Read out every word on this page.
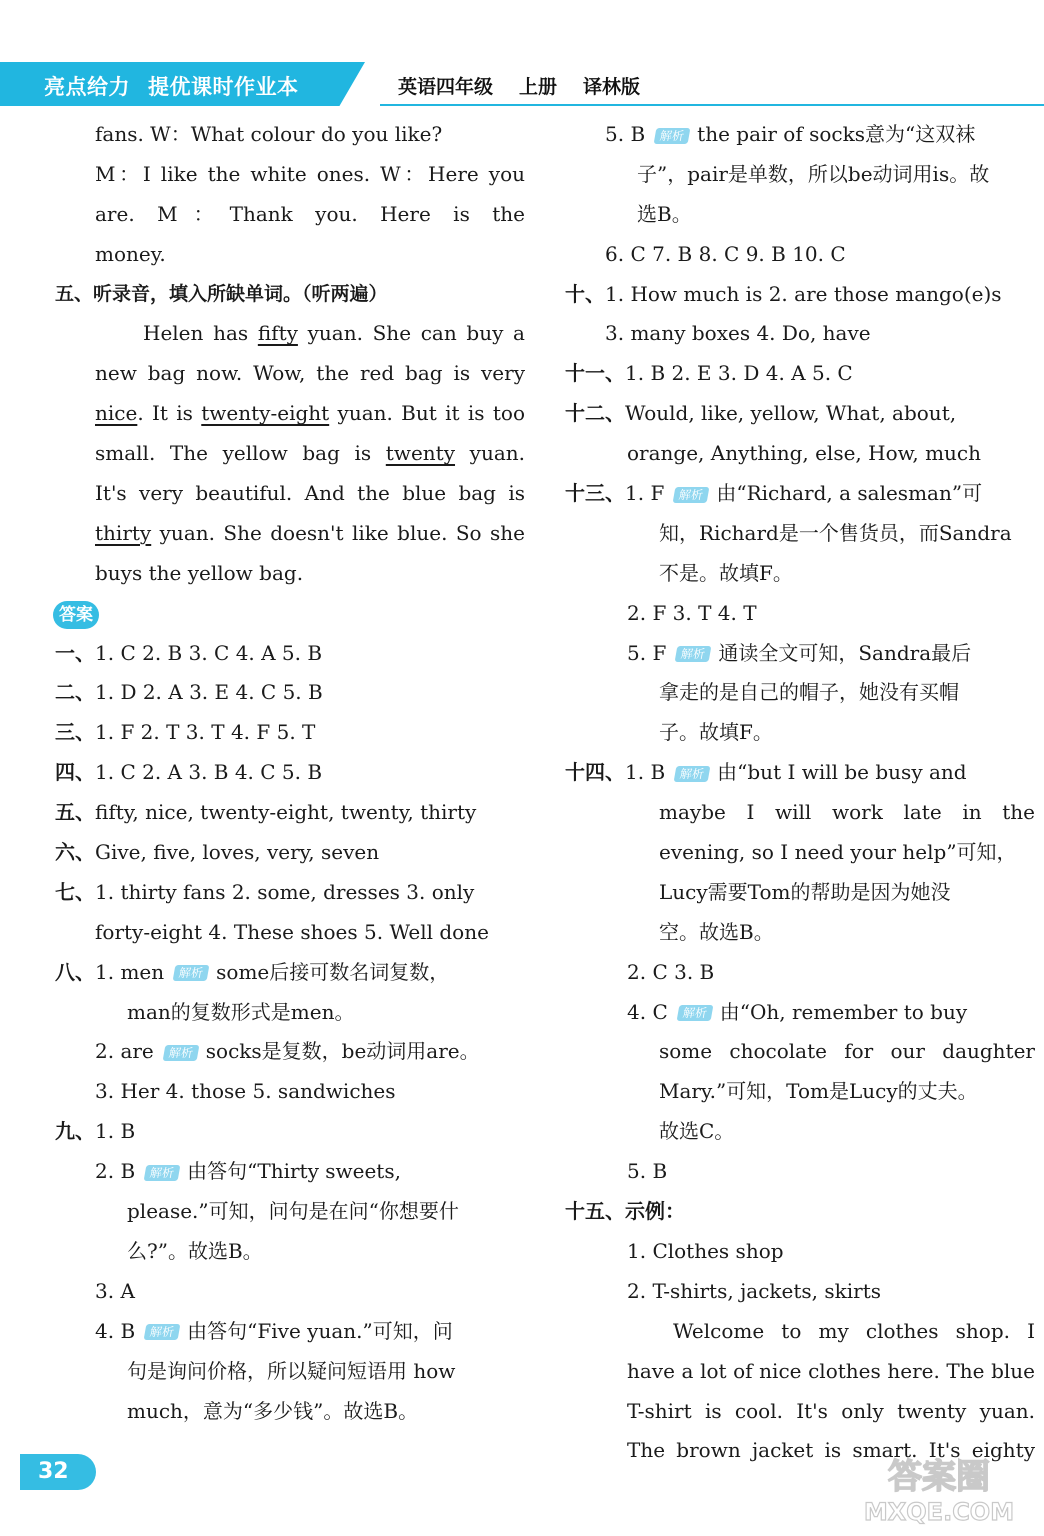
亮点给力 提优课时作业本	英语四年级 上册 译林版
fans. W：What colour do you like?
M：I like the white ones. W：Here you
are. M：Thank you. Here is the
money.
五、听录音，填入所缺单词。（听两遍）
Helen has fifty yuan. She can buy a
new bag now. Wow, the red bag is very
nice. It is twenty-eight yuan. But it is too
small. The yellow bag is twenty yuan.
It's very beautiful. And the blue bag is
thirty yuan. She doesn't like blue. So she
buys the yellow bag.
答案
一、1. C 2. B 3. C 4. A 5. B
二、1. D 2. A 3. E 4. C 5. B
三、1. F 2. T 3. T 4. F 5. T
四、1. C 2. A 3. B 4. C 5. B
五、fifty, nice, twenty-eight, twenty, thirty
六、Give, five, loves, very, seven
七、1. thirty fans 2. some, dresses 3. only
forty-eight 4. These shoes 5. Well done
八、1. men 解析 some后接可数名词复数，
man的复数形式是men。
2. are 解析 socks是复数，be动词用are。
3. Her 4. those 5. sandwiches
九、1. B
2. B 解析 由答句“Thirty sweets,
please.”可知，问句是在问“你想要什
么?”。故选B。
3. A
4. B 解析 由答句“Five yuan.”可知，问
句是询问价格，所以疑问短语用 how
much，意为“多少钱”。故选B。
5. B 解析 the pair of socks意为“这双袜
子”，pair是单数，所以be动词用is。故
选B。
6. C 7. B 8. C 9. B 10. C
十、1. How much is 2. are those mango(e)s
3. many boxes 4. Do, have
十一、1. B 2. E 3. D 4. A 5. C
十二、Would, like, yellow, What, about,
orange, Anything, else, How, much
十三、1. F 解析 由“Richard, a salesman”可
知，Richard是一个售货员，而Sandra
不是。故填F。
2. F 3. T 4. T
5. F 解析 通读全文可知，Sandra最后
拿走的是自己的帽子，她没有买帽
子。故填F。
十四、1. B 解析 由“but I will be busy and
maybe I will work late in the
evening, so I need your help”可知，
Lucy需要Tom的帮助是因为她没
空。故选B。
2. C 3. B
4. C 解析 由“Oh, remember to buy
some chocolate for our daughter
Mary.”可知，Tom是Lucy的丈夫。
故选C。
5. B
十五、示例：
1. Clothes shop
2. T-shirts, jackets, skirts
Welcome to my clothes shop. I
have a lot of nice clothes here. The blue
T-shirt is cool. It's only twenty yuan.
The brown jacket is smart. It's eighty
32	答案圈
MXQE.COM
